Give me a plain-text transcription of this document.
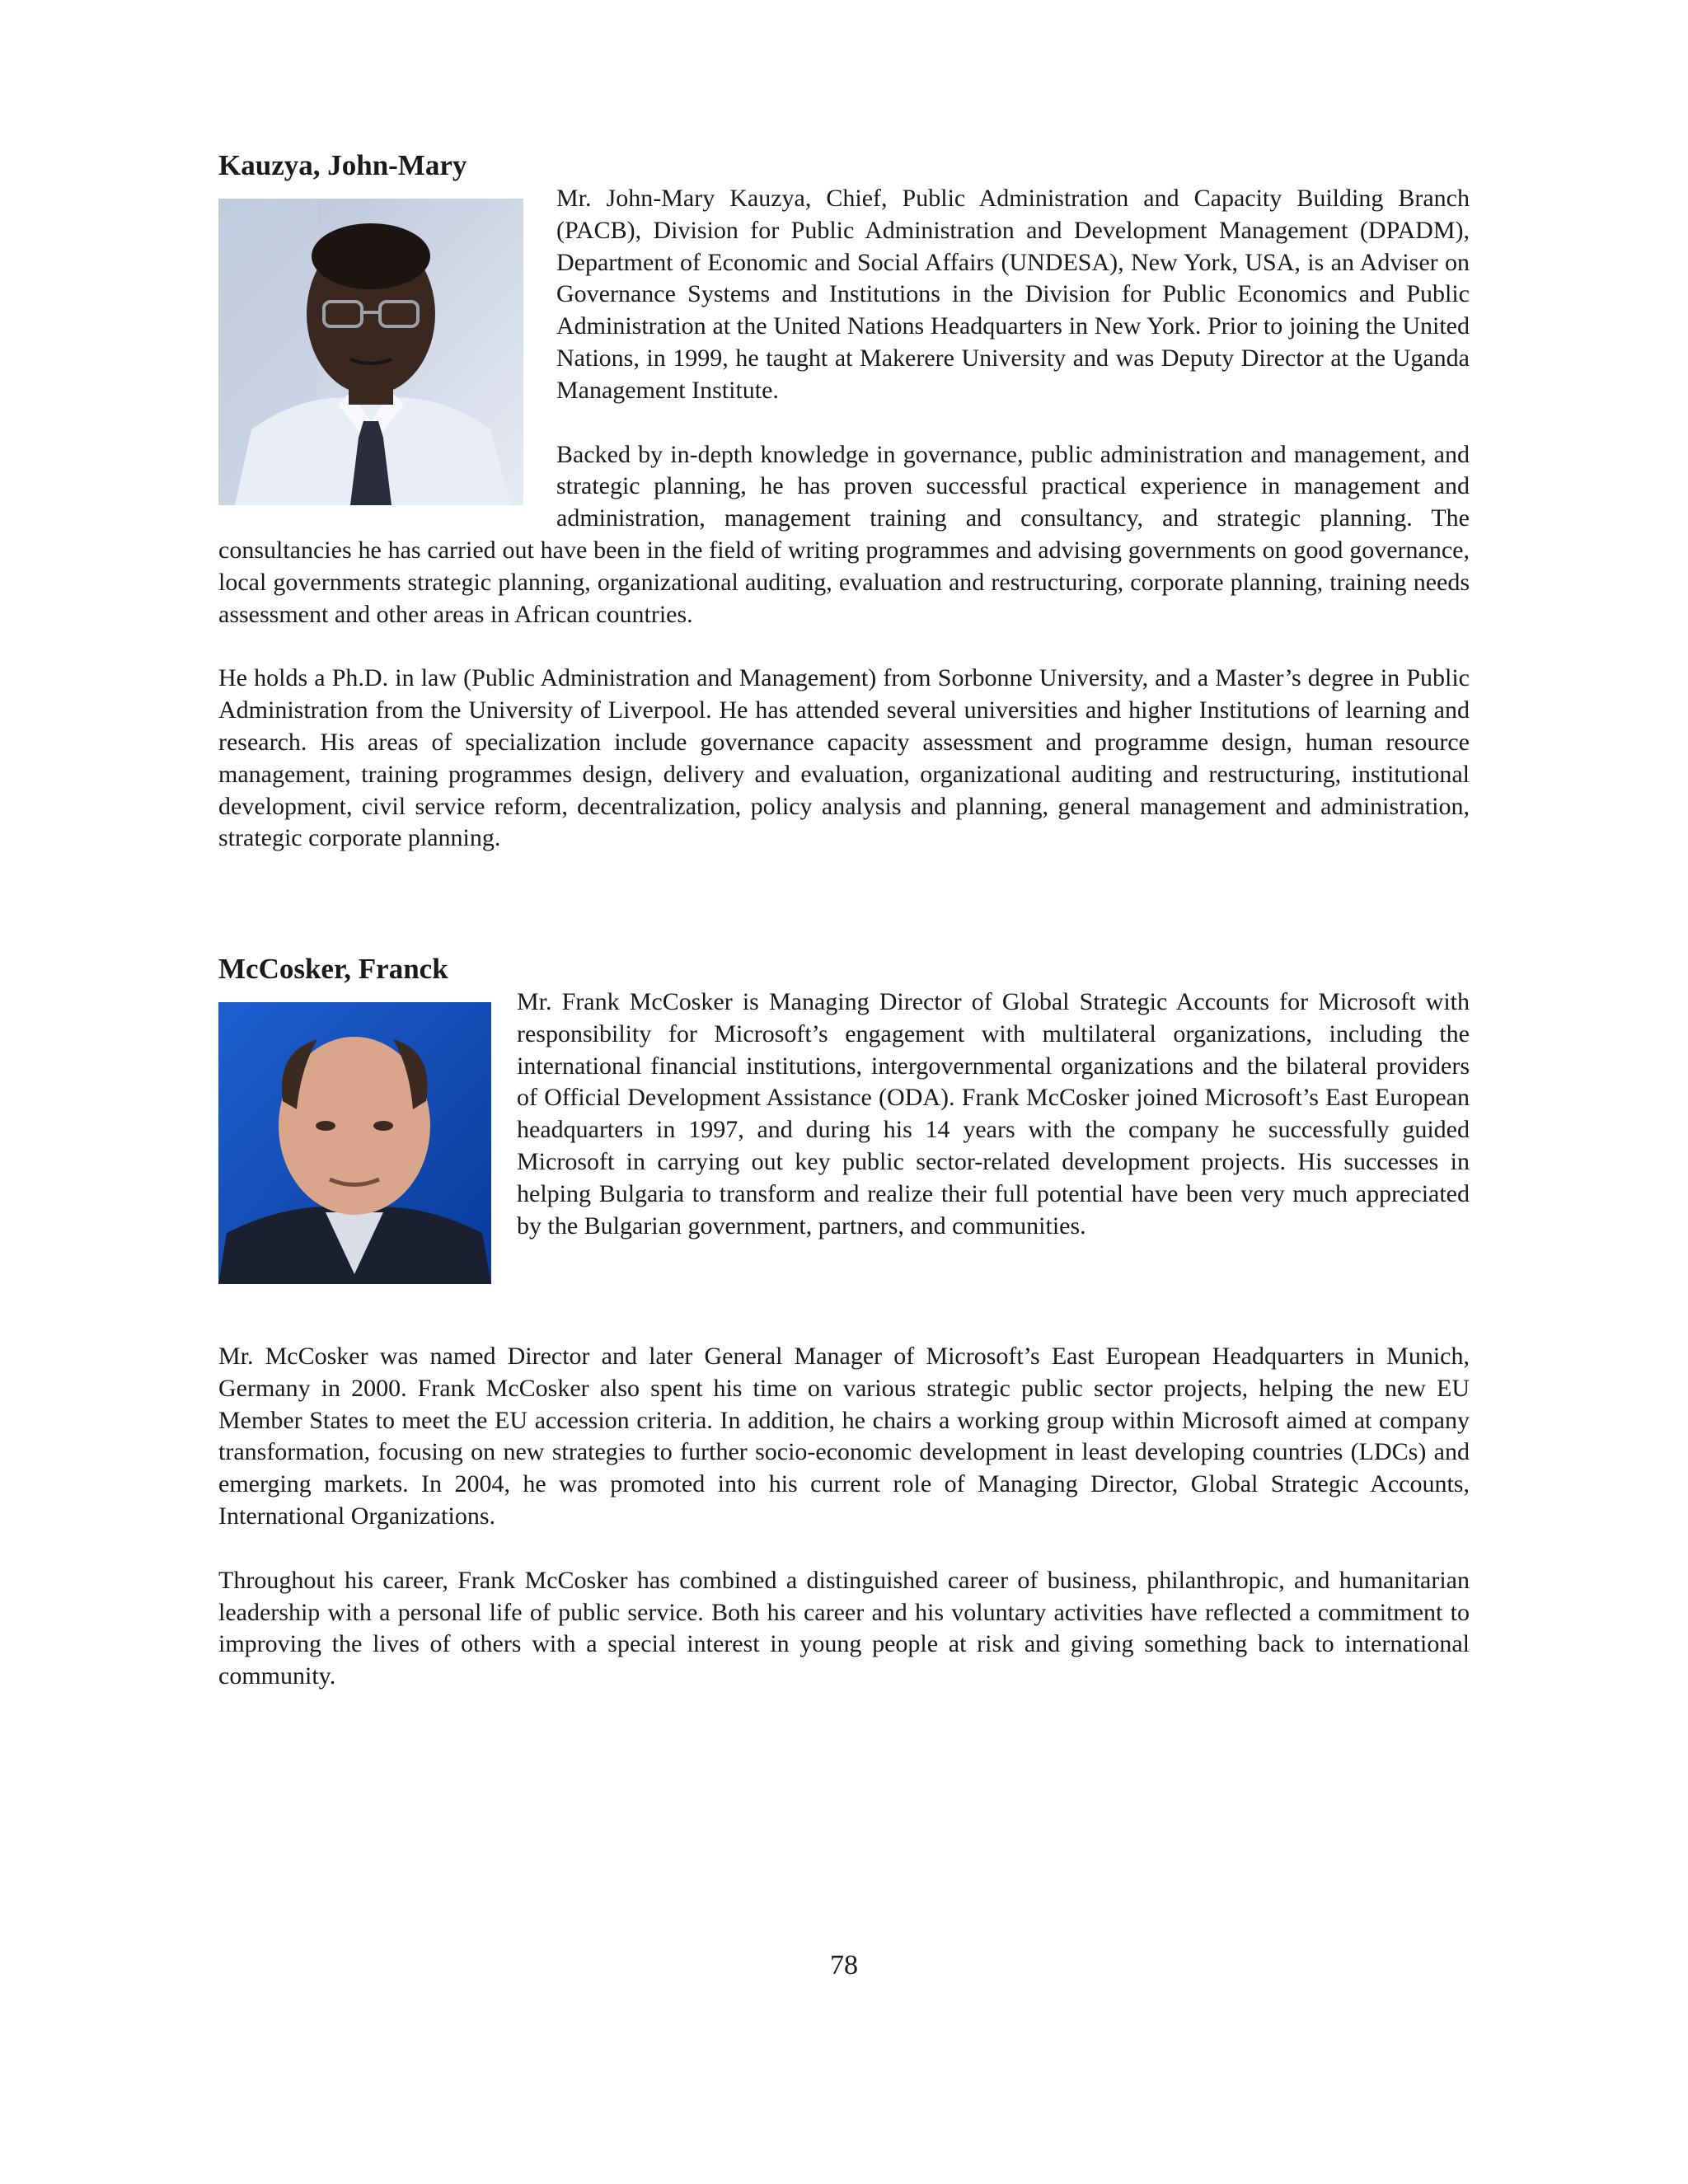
Kauzya, John-Mary

Mr. John-Mary Kauzya, Chief, Public Administration and Capacity Building Branch (PACB), Division for Public Administration and Development Management (DPADM), Department of Economic and Social Affairs (UNDESA), New York, USA, is an Adviser on Governance Systems and Institutions in the Division for Public Economics and Public Administration at the United Nations Headquarters in New York. Prior to joining the United Nations, in 1999, he taught at Makerere University and was Deputy Director at the Uganda Management Institute.

Backed by in-depth knowledge in governance, public administration and management, and strategic planning, he has proven successful practical experience in management and administration, management training and consultancy, and strategic planning. The consultancies he has carried out have been in the field of writing programmes and advising governments on good governance, local governments strategic planning, organizational auditing, evaluation and restructuring, corporate planning, training needs assessment and other areas in African countries.

He holds a Ph.D. in law (Public Administration and Management) from Sorbonne University, and a Master’s degree in Public Administration from the University of Liverpool. He has attended several universities and higher Institutions of learning and research. His areas of specialization include governance capacity assessment and programme design, human resource management, training programmes design, delivery and evaluation, organizational auditing and restructuring, institutional development, civil service reform, decentralization, policy analysis and planning, general management and administration, strategic corporate planning.

McCosker, Franck

Mr. Frank McCosker is Managing Director of Global Strategic Accounts for Microsoft with responsibility for Microsoft’s engagement with multilateral organizations, including the international financial institutions, intergovernmental organizations and the bilateral providers of Official Development Assistance (ODA). Frank McCosker joined Microsoft’s East European headquarters in 1997, and during his 14 years with the company he successfully guided Microsoft in carrying out key public sector-related development projects. His successes in helping Bulgaria to transform and realize their full potential have been very much appreciated by the Bulgarian government, partners, and communities.

Mr. McCosker was named Director and later General Manager of Microsoft’s East European Headquarters in Munich, Germany in 2000. Frank McCosker also spent his time on various strategic public sector projects, helping the new EU Member States to meet the EU accession criteria. In addition, he chairs a working group within Microsoft aimed at company transformation, focusing on new strategies to further socio-economic development in least developing countries (LDCs) and emerging markets. In 2004, he was promoted into his current role of Managing Director, Global Strategic Accounts, International Organizations.

Throughout his career, Frank McCosker has combined a distinguished career of business, philanthropic, and humanitarian leadership with a personal life of public service. Both his career and his voluntary activities have reflected a commitment to improving the lives of others with a special interest in young people at risk and giving something back to international community.

78
